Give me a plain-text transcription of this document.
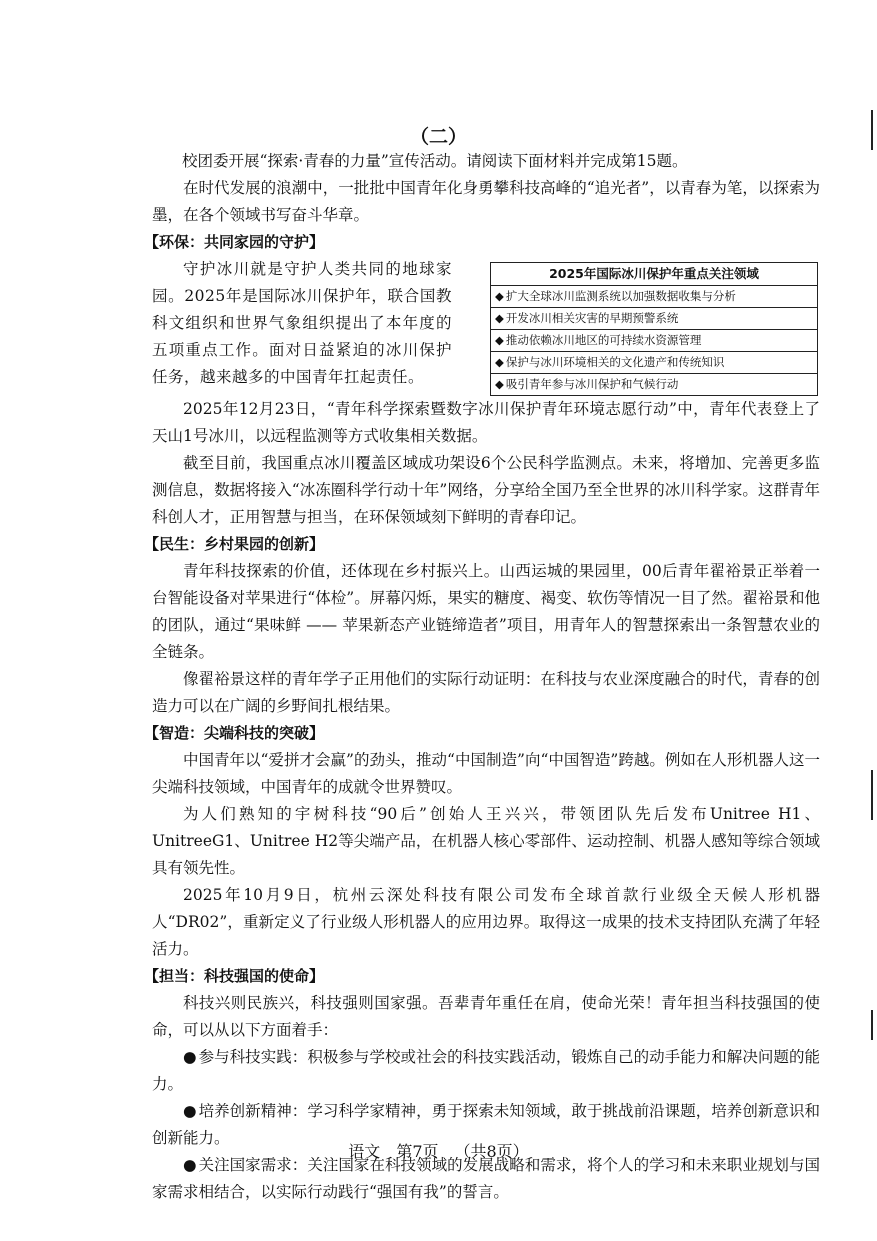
（二）

校团委开展“探索·青春的力量”宣传活动。请阅读下面材料并完成第15题。

在时代发展的浪潮中，一批批中国青年化身勇攀科技高峰的“追光者”，以青春为笔，以探索为墨，在各个领域书写奋斗华章。

【环保：共同家园的守护】

守护冰川就是守护人类共同的地球家园。2025年是国际冰川保护年，联合国教科文组织和世界气象组织提出了本年度的五项重点工作。面对日益紧迫的冰川保护任务，越来越多的中国青年扛起责任。

2025年国际冰川保护年重点关注领域
◆ 扩大全球冰川监测系统以加强数据收集与分析
◆ 开发冰川相关灾害的早期预警系统
◆ 推动依赖冰川地区的可持续水资源管理
◆ 保护与冰川环境相关的文化遗产和传统知识
◆ 吸引青年参与冰川保护和气候行动

2025年12月23日，“青年科学探索暨数字冰川保护青年环境志愿行动”中，青年代表登上了天山1号冰川，以远程监测等方式收集相关数据。

截至目前，我国重点冰川覆盖区域成功架设6个公民科学监测点。未来，将增加、完善更多监测信息，数据将接入“冰冻圈科学行动十年”网络，分享给全国乃至全世界的冰川科学家。这群青年科创人才，正用智慧与担当，在环保领域刻下鲜明的青春印记。

【民生：乡村果园的创新】

青年科技探索的价值，还体现在乡村振兴上。山西运城的果园里，00后青年翟裕景正举着一台智能设备对苹果进行“体检”。屏幕闪烁，果实的糖度、褐变、软伤等情况一目了然。翟裕景和他的团队，通过“果味鲜 —— 苹果新态产业链缔造者”项目，用青年人的智慧探索出一条智慧农业的全链条。

像翟裕景这样的青年学子正用他们的实际行动证明：在科技与农业深度融合的时代，青春的创造力可以在广阔的乡野间扎根结果。

【智造：尖端科技的突破】

中国青年以“爱拼才会赢”的劲头，推动“中国制造”向“中国智造”跨越。例如在人形机器人这一尖端科技领域，中国青年的成就令世界赞叹。

为人们熟知的宇树科技“90后”创始人王兴兴，带领团队先后发布Unitree H1、UnitreeG1、Unitree H2等尖端产品，在机器人核心零部件、运动控制、机器人感知等综合领域具有领先性。

2025年10月9日，杭州云深处科技有限公司发布全球首款行业级全天候人形机器人“DR02”，重新定义了行业级人形机器人的应用边界。取得这一成果的技术支持团队充满了年轻活力。

【担当：科技强国的使命】

科技兴则民族兴，科技强则国家强。吾辈青年重任在肩，使命光荣！青年担当科技强国的使命，可以从以下方面着手：

● 参与科技实践：积极参与学校或社会的科技实践活动，锻炼自己的动手能力和解决问题的能力。

● 培养创新精神：学习科学家精神，勇于探索未知领域，敢于挑战前沿课题，培养创新意识和创新能力。

● 关注国家需求：关注国家在科技领域的发展战略和需求，将个人的学习和未来职业规划与国家需求相结合，以实际行动践行“强国有我”的誓言。

语文 第7页 （共8页）
